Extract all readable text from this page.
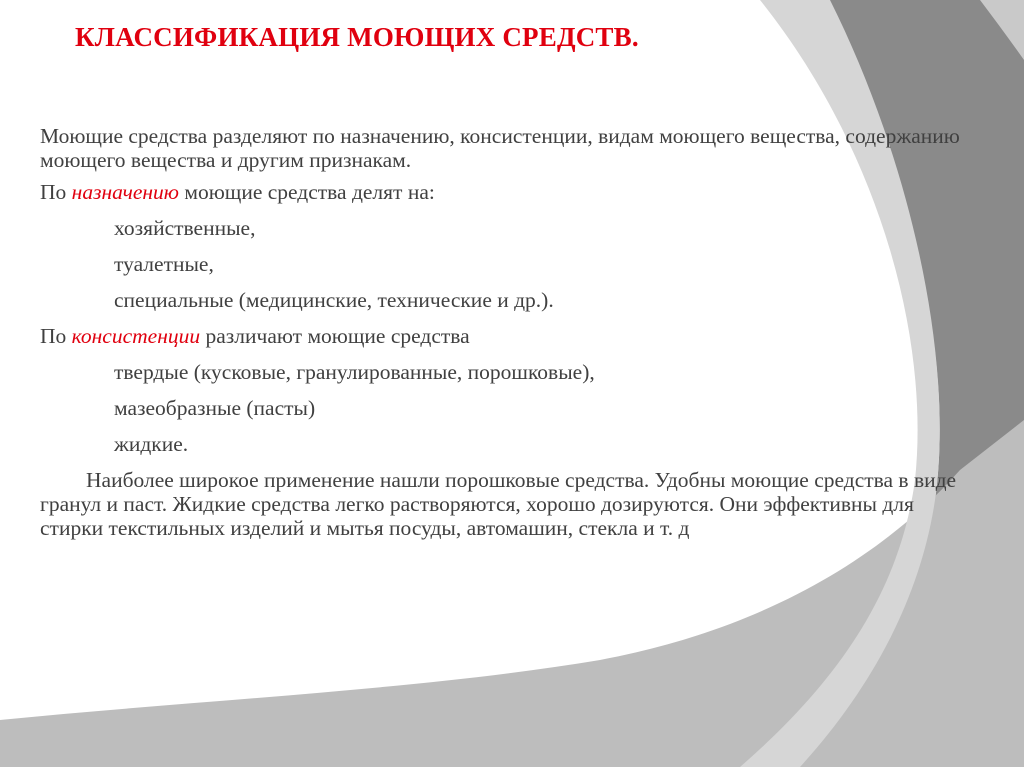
КЛАССИФИКАЦИЯ МОЮЩИХ СРЕДСТВ.

Моющие средства разделяют по назначению, консистенции, видам моющего вещества, содержанию моющего вещества и другим признакам.

По назначению моющие средства делят на:

хозяйственные,

туалетные,

специальные (медицинские, технические и др.).

По консистенции различают моющие средства

твердые (кусковые, гранулированные, порошковые),

мазеобразные (пасты)

жидкие.

Наиболее широкое применение нашли порошковые средства. Удобны моющие средства в виде гранул и паст. Жидкие средства легко растворяются, хорошо дозируются. Они эффективны для стирки текстильных изделий и мытья посуды, автомашин, стекла и т. д
